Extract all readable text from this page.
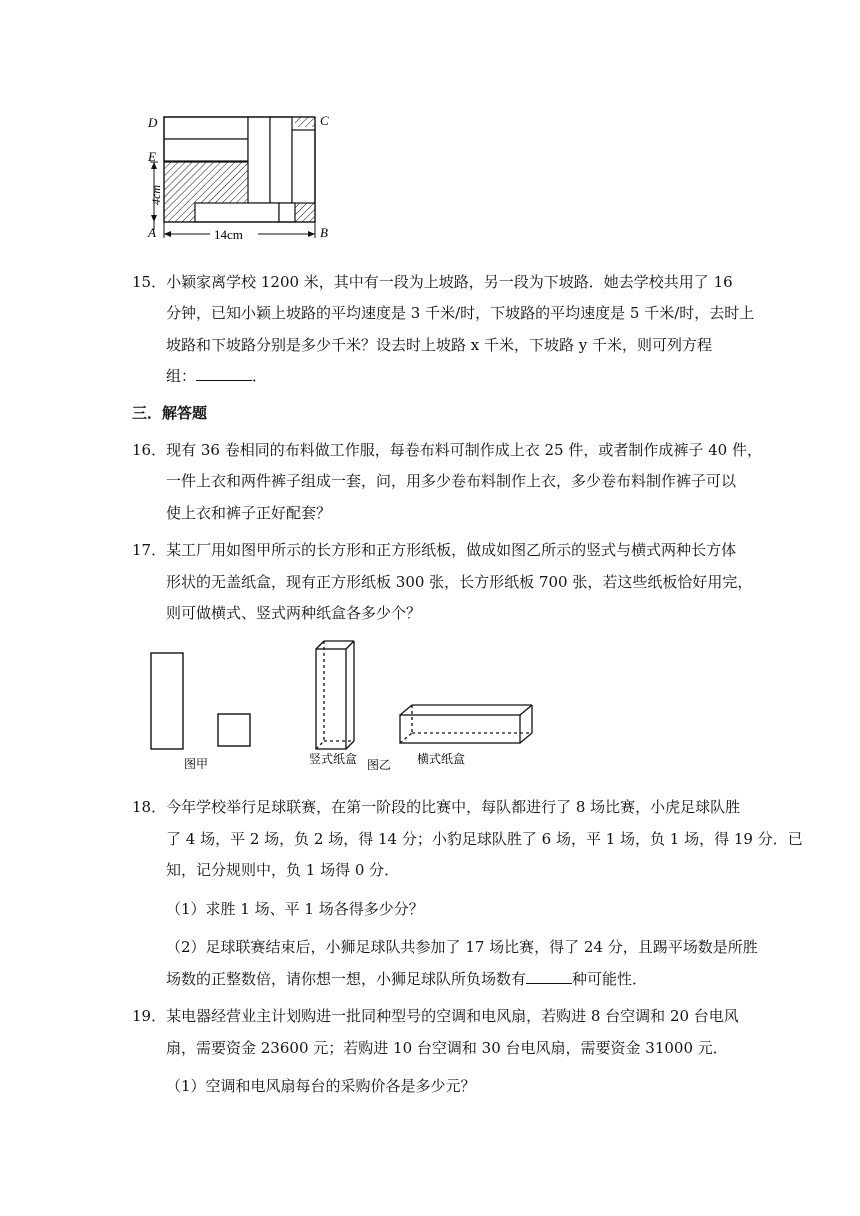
D	C
E
A	B
4cm
14cm
15．小颖家离学校 1200 米，其中有一段为上坡路，另一段为下坡路．她去学校共用了 16
分钟，已知小颖上坡路的平均速度是 3 千米/时，下坡路的平均速度是 5 千米/时，去时上
坡路和下坡路分别是多少千米？设去时上坡路 x 千米，下坡路 y 千米，则可列方程
组：	．
三．解答题
16．现有 36 卷相同的布料做工作服，每卷布料可制作成上衣 25 件，或者制作成裤子 40 件，
一件上衣和两件裤子组成一套，问，用多少卷布料制作上衣，多少卷布料制作裤子可以
使上衣和裤子正好配套？
17．某工厂用如图甲所示的长方形和正方形纸板，做成如图乙所示的竖式与横式两种长方体
形状的无盖纸盒，现有正方形纸板 300 张，长方形纸板 700 张，若这些纸板恰好用完，
则可做横式、竖式两种纸盒各多少个？
图甲	竖式纸盒	横式纸盒
图乙
18．今年学校举行足球联赛，在第一阶段的比赛中，每队都进行了 8 场比赛，小虎足球队胜
了 4 场，平 2 场，负 2 场，得 14 分；小豹足球队胜了 6 场，平 1 场，负 1 场，得 19 分．已
知，记分规则中，负 1 场得 0 分．
（1）求胜 1 场、平 1 场各得多少分？
（2）足球联赛结束后，小狮足球队共参加了 17 场比赛，得了 24 分，且踢平场数是所胜
场数的正整数倍，请你想一想，小狮足球队所负场数有	种可能性．
19．某电器经营业主计划购进一批同种型号的空调和电风扇，若购进 8 台空调和 20 台电风
扇，需要资金 23600 元；若购进 10 台空调和 30 台电风扇，需要资金 31000 元．
（1）空调和电风扇每台的采购价各是多少元？
